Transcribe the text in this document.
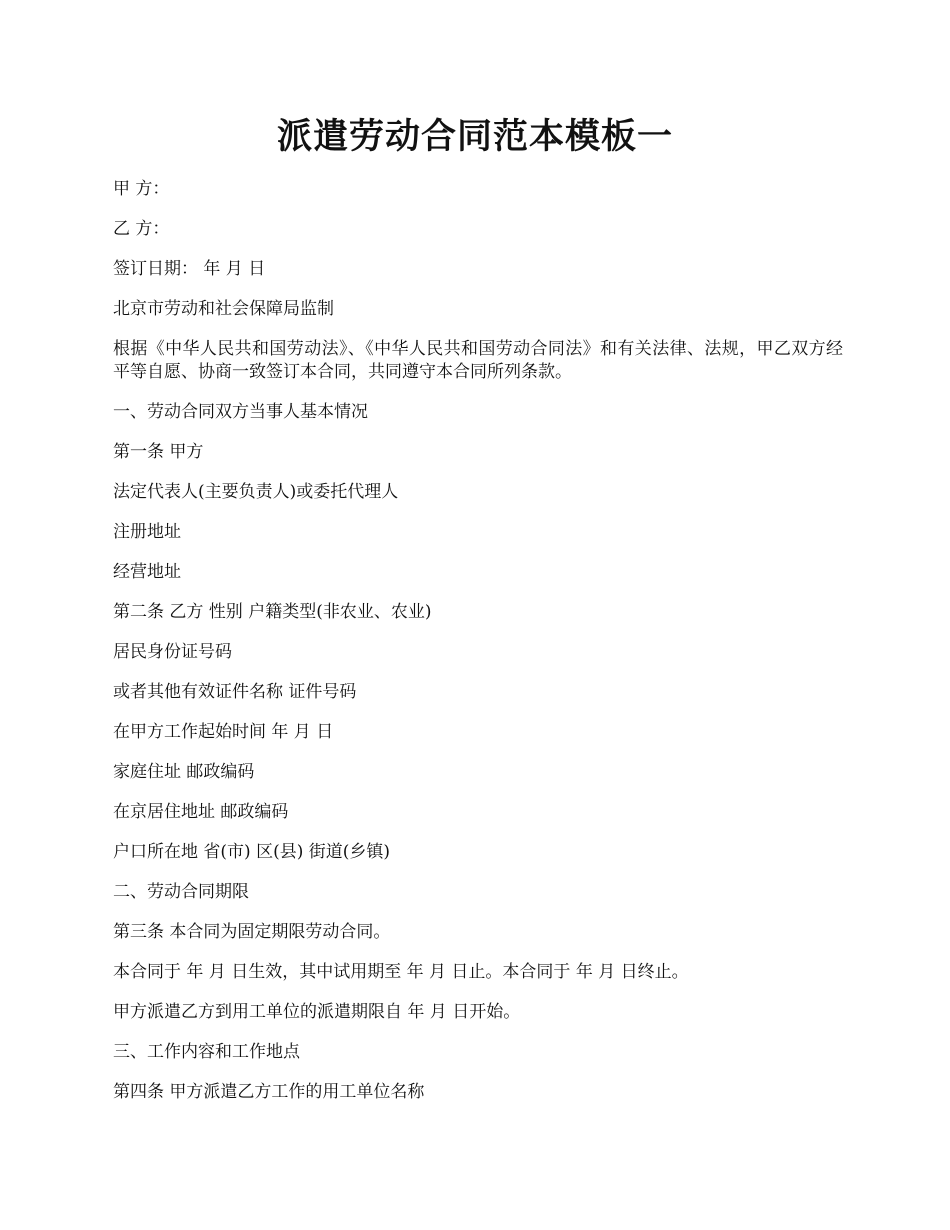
派遣劳动合同范本模板一

甲 方：

乙 方：

签订日期： 年 月 日

北京市劳动和社会保障局监制

根据《中华人民共和国劳动法》、《中华人民共和国劳动合同法》和有关法律、法规，甲乙双方经平等自愿、协商一致签订本合同，共同遵守本合同所列条款。

一、劳动合同双方当事人基本情况

第一条 甲方

法定代表人(主要负责人)或委托代理人

注册地址

经营地址

第二条 乙方 性别 户籍类型(非农业、农业)

居民身份证号码

或者其他有效证件名称 证件号码

在甲方工作起始时间 年 月 日

家庭住址 邮政编码

在京居住地址 邮政编码

户口所在地 省(市) 区(县) 街道(乡镇)

二、劳动合同期限

第三条 本合同为固定期限劳动合同。

本合同于 年 月 日生效，其中试用期至 年 月 日止。本合同于 年 月 日终止。

甲方派遣乙方到用工单位的派遣期限自 年 月 日开始。

三、工作内容和工作地点

第四条 甲方派遣乙方工作的用工单位名称
